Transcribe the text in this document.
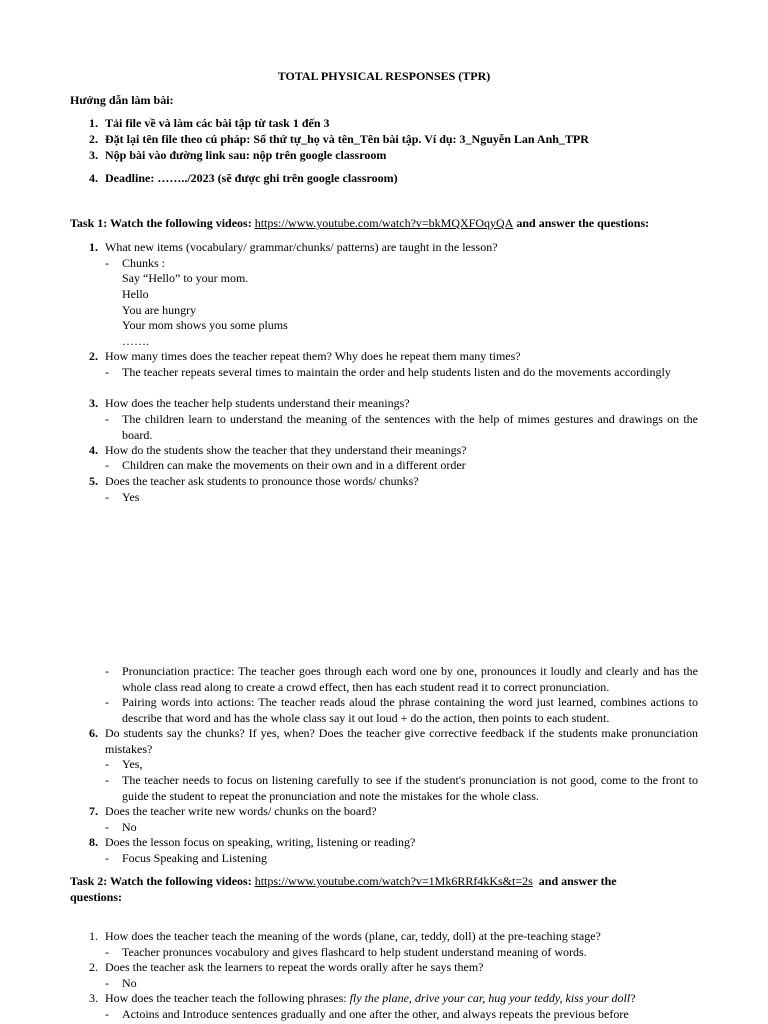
TOTAL PHYSICAL RESPONSES (TPR)
Hướng dẫn làm bài:
1. Tải file về và làm các bài tập từ task 1 đến 3
2. Đặt lại tên file theo cú pháp: Số thứ tự_họ và tên_Tên bài tập. Ví dụ: 3_Nguyễn Lan Anh_TPR
3. Nộp bài vào đường link sau: nộp trên google classroom
4. Deadline: ……../2023 (sẽ được ghi trên google classroom)
Task 1: Watch the following videos: https://www.youtube.com/watch?v=bkMQXFOqyQA and answer the questions:
1. What new items (vocabulary/ grammar/chunks/ patterns) are taught in the lesson?
- Chunks :
Say “Hello” to your mom.
Hello
You are hungry
Your mom shows you some plums
…….
2. How many times does the teacher repeat them? Why does he repeat them many times?
- The teacher repeats several times to maintain the order and help students listen and do the movements accordingly
3. How does the teacher help students understand their meanings?
- The children learn to understand the meaning of the sentences with the help of mimes gestures and drawings on the board.
4. How do the students show the teacher that they understand their meanings?
- Children can make the movements on their own and in a different order
5. Does the teacher ask students to pronounce those words/ chunks?
- Yes
- Pronunciation practice: The teacher goes through each word one by one, pronounces it loudly and clearly and has the whole class read along to create a crowd effect, then has each student read it to correct pronunciation.
- Pairing words into actions: The teacher reads aloud the phrase containing the word just learned, combines actions to describe that word and has the whole class say it out loud + do the action, then points to each student.
6. Do students say the chunks? If yes, when? Does the teacher give corrective feedback if the students make pronunciation mistakes?
- Yes,
- The teacher needs to focus on listening carefully to see if the student's pronunciation is not good, come to the front to guide the student to repeat the pronunciation and note the mistakes for the whole class.
7. Does the teacher write new words/ chunks on the board?
- No
8. Does the lesson focus on speaking, writing, listening or reading?
- Focus Speaking and Listening
Task 2: Watch the following videos: https://www.youtube.com/watch?v=1Mk6RRf4kKs&t=2s  and answer the questions:
1. How does the teacher teach the meaning of the words (plane, car, teddy, doll) at the pre-teaching stage?
- Teacher pronunces vocabulory and gives flashcard to help student understand meaning of words.
2. Does the teacher ask the learners to repeat the words orally after he says them?
- No
3. How does the teacher teach the following phrases: fly the plane, drive your car, hug your teddy, kiss your doll?
- Actoins and Introduce sentences gradually and one after the other, and always repeats the previous before
